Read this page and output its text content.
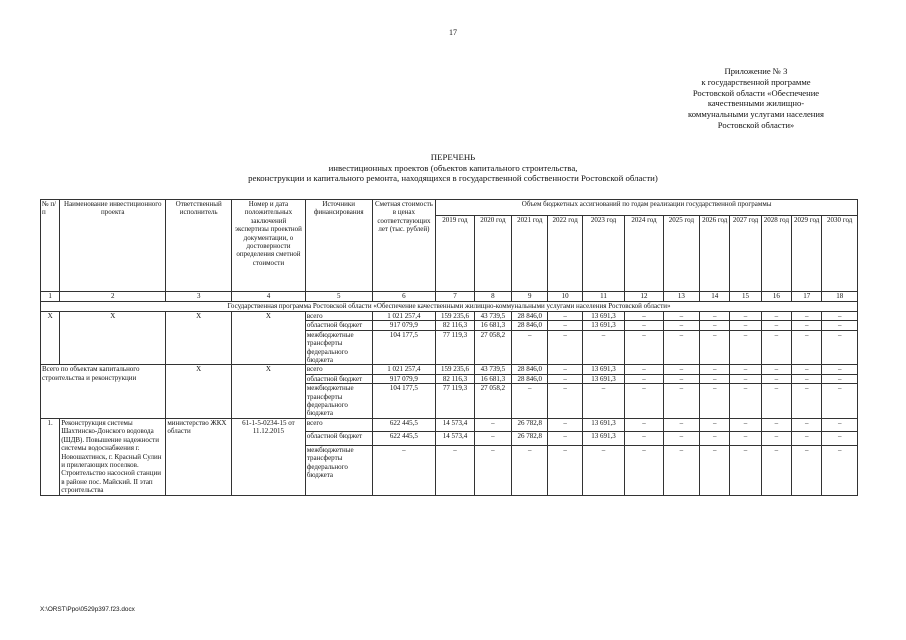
17
Приложение № 3
к государственной программе
Ростовской области «Обеспечение
качественными жилищно-
коммунальными услугами населения
Ростовской области»
ПЕРЕЧЕНЬ
инвестиционных проектов (объектов капитального строительства,
реконструкции и капитального ремонта, находящихся в государственной собственности Ростовской области)
№ п/п	Наименование инвестиционного проекта	Ответственный исполнитель	Номер и дата положительных заключений экспертизы проектной документации, о достоверности определения сметной стоимости	Источники финансирования	Сметная стоимость в ценах соответствующих лет (тыс. рублей)	Объем бюджетных ассигнований по годам реализации государственной программы											
						2019 год	2020 год	2021 год	2022 год	2023 год	2024 год	2025 год	2026 год	2027 год	2028 год	2029 год	2030 год
1	2	3	4	5	6	7	8	9	10	11	12	13	14	15	16	17	18
Государственная программа Ростовской области «Обеспечение качественными жилищно-коммунальными услугами населения Ростовской области»																	
Х	Х	Х	Х	всего	1 021 257,4	159 235,6	43 739,5	28 846,0	–	13 691,3	–	–	–	–	–	–	–
				областной бюджет	917 079,9	82 116,3	16 681,3	28 846,0	–	13 691,3	–	–	–	–	–	–	–
				межбюджетные трансферты федерального бюджета	104 177,5	77 119,3	27 058,2	–	–	–	–	–	–	–	–	–	–
Всего по объектам капитального строительства и реконструкции		Х	Х	всего	1 021 257,4	159 235,6	43 739,5	28 846,0	–	13 691,3	–	–	–	–	–	–	–
				областной бюджет	917 079,9	82 116,3	16 681,3	28 846,0	–	13 691,3	–	–	–	–	–	–	–
				межбюджетные трансферты федерального бюджета	104 177,5	77 119,3	27 058,2	–	–	–	–	–	–	–	–	–	–
1.	Реконструкция системы Шахтинско-Донского водовода (ШДВ). Повышение надежности системы водоснабжения г. Новошахтинск, г. Красный Сулин и прилегающих поселков. Строительство насосной станции в районе пос. Майский. II этап строительства	министерство ЖКХ области	61-1-5-0234-15 от 11.12.2015	всего	622 445,5	14 573,4	–	26 782,8	–	13 691,3	–	–	–	–	–	–	–
				областной бюджет	622 445,5	14 573,4	–	26 782,8	–	13 691,3	–	–	–	–	–	–	–
				межбюджетные трансферты федерального бюджета	–	–	–	–	–	–	–	–	–	–	–	–	–
Х:\ORST\Ppo\0529p397.f23.docx
